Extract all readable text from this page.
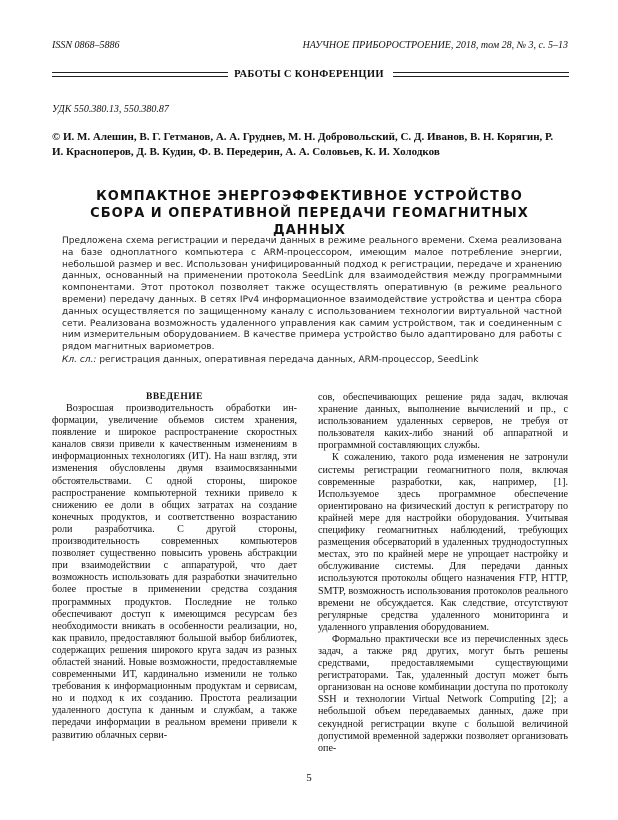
ISSN 0868–5886	НАУЧНОЕ ПРИБОРОСТРОЕНИЕ, 2018, том 28, № 3, с. 5–13
РАБОТЫ С КОНФЕРЕНЦИИ
УДК 550.380.13, 550.380.87
© И. М. Алешин, В. Г. Гетманов, А. А. Груднев, М. Н. Добровольский, С. Д. Иванов, В. Н. Корягин, Р. И. Красноперов, Д. В. Кудин, Ф. В. Передерин, А. А. Соловьев, К. И. Холодков
КОМПАКТНОЕ ЭНЕРГОЭФФЕКТИВНОЕ УСТРОЙСТВО
СБОРА И ОПЕРАТИВНОЙ ПЕРЕДАЧИ ГЕОМАГНИТНЫХ ДАННЫХ
Предложена схема регистрации и передачи данных в режиме реального времени. Схема реализована на базе одноплатного компьютера с ARM-процессором, имеющим малое потребление энергии, небольшой размер и вес. Использован унифицированный подход к регистрации, передаче и хранению данных, основанный на применении протокола SeedLink для взаимодействия между программными компонентами. Этот протокол позволяет также осуществлять оперативную (в режиме реального времени) передачу данных. В сетях IPv4 информационное взаимодействие устройства и центра сбора данных осуществляется по защищенному каналу с использованием технологии виртуальной частной сети. Реализована возможность удаленного управления как самим устройством, так и соединенным с ним измерительным оборудованием. В качестве примера устройство было адаптировано для работы с рядом магнитных вариометров.
Кл. сл.: регистрация данных, оперативная передача данных, ARM-процессор, SeedLink
ВВЕДЕНИЕ

Возросшая производительность обработки информации, увеличение объемов систем хранения, появление и широкое распространение скоростных каналов связи привели к качественным изменениям в информационных технологиях (ИТ). На наш взгляд, эти изменения обусловлены двумя взаимосвязанными обстоятельствами. С одной стороны, широкое распространение компьютерной техники привело к снижению ее доли в общих затратах на создание конечных продуктов, и соответственно возрастанию роли разработчика. С другой стороны, производительность современных компьютеров позволяет существенно повысить уровень абстракции при взаимодействии с аппаратурой, что дает возможность использовать для разработки значительно более простые в применении средства создания программных продуктов. Последние не только обеспечивают доступ к имеющимся ресурсам без необходимости вникать в особенности реализации, но, как правило, предоставляют большой выбор библиотек, содержащих решения широкого круга задач из разных областей знаний. Новые возможности, предоставляемые современными ИТ, кардинально изменили не только требования к информационным продуктам и сервисам, но и подход к их созданию. Простота реализации удаленного доступа к данным и службам, а также передачи информации в реальном времени привели к развитию облачных серви-

сов, обеспечивающих решение ряда задач, включая хранение данных, выполнение вычислений и пр., с использованием удаленных серверов, не требуя от пользователя каких-либо знаний об аппаратной и программной составляющих службы.

К сожалению, такого рода изменения не затронули системы регистрации геомагнитного поля, включая современные разработки, как, например, [1]. Используемое здесь программное обеспечение ориентировано на физический доступ к регистратору по крайней мере для настройки оборудования. Учитывая специфику геомагнитных наблюдений, требующих размещения обсерваторий в удаленных труднодоступных местах, это по крайней мере не упрощает настройку и обслуживание системы. Для передачи данных используются протоколы общего назначения FTP, HTTP, SMTP, возможность использования протоколов реального времени не обсуждается. Как следствие, отсутствуют регулярные средства удаленного мониторинга и удаленного управления оборудованием.

Формально практически все из перечисленных здесь задач, а также ряд других, могут быть решены средствами, предоставляемыми существующими регистраторами. Так, удаленный доступ может быть организован на основе комбинации доступа по протоколу SSH и технологии Virtual Network Computing [2]; а небольшой объем передаваемых данных, даже при секундной регистрации вкупе с большой величиной допустимой временной задержки позволяет организовать опе-

5
